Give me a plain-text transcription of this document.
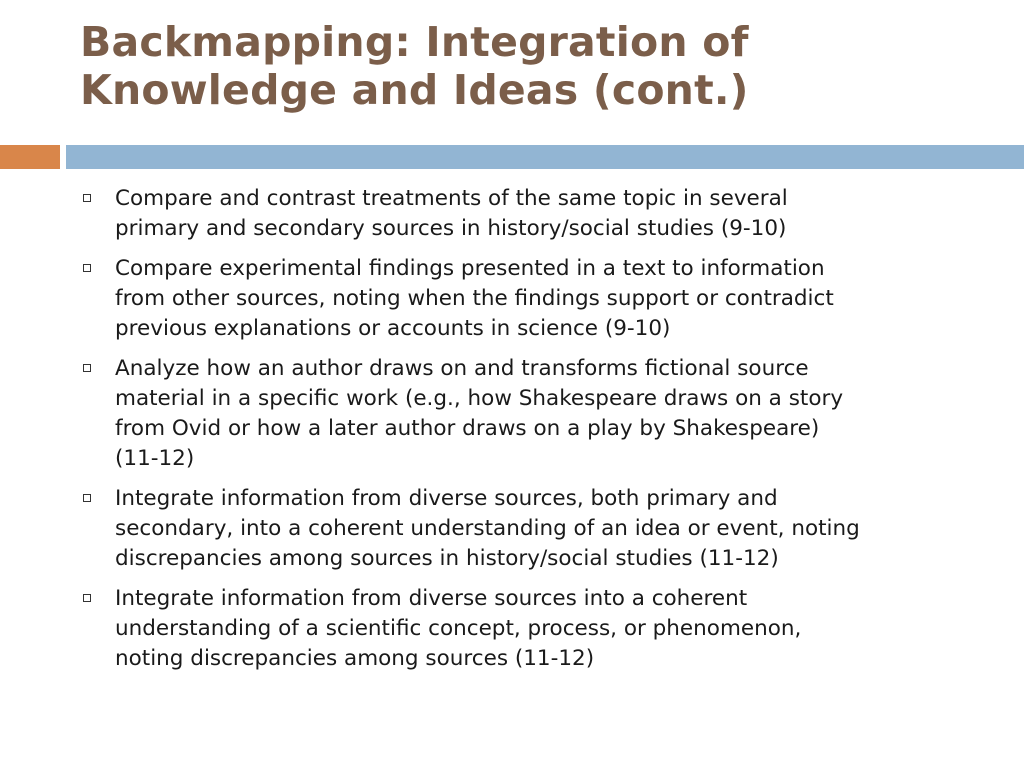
Backmapping: Integration of
Knowledge and Ideas (cont.)
Compare and contrast treatments of the same topic in several
primary and secondary sources in history/social studies (9-10)
Compare experimental findings presented in a text to information
from other sources, noting when the findings support or contradict
previous explanations or accounts in science (9-10)
Analyze how an author draws on and transforms fictional source
material in a specific work (e.g., how Shakespeare draws on a story
from Ovid or how a later author draws on a play by Shakespeare)
(11-12)
Integrate information from diverse sources, both primary and
secondary, into a coherent understanding of an idea or event, noting
discrepancies among sources in history/social studies (11-12)
Integrate information from diverse sources into a coherent
understanding of a scientific concept, process, or phenomenon,
noting discrepancies among sources (11-12)
